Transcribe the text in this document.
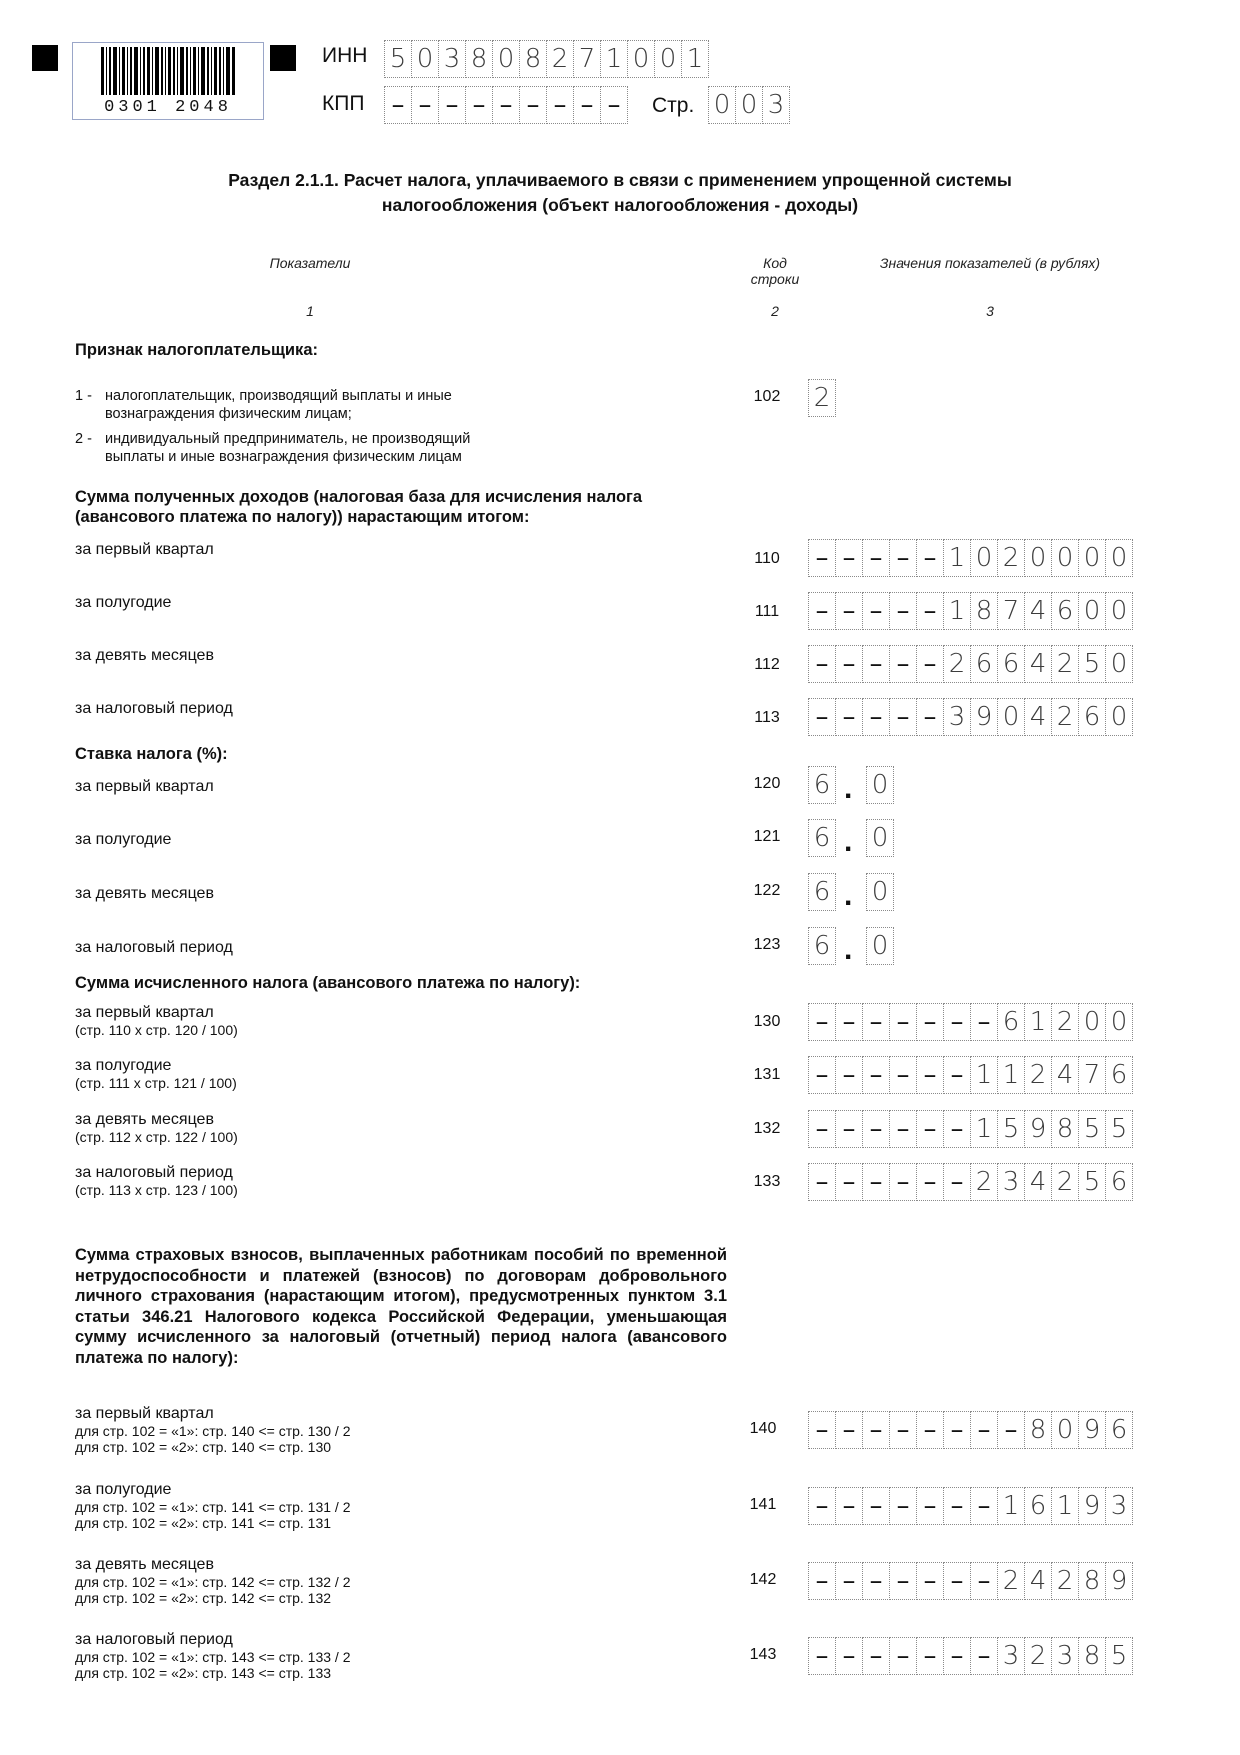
0301 2048
ИНН 5 0 3 8 0 8 2 7 1 0 0 1
КПП – – – – – – – – –	Стр. 0 0 3
Раздел 2.1.1. Расчет налога, уплачиваемого в связи с применением упрощенной системы
налогообложения (объект налогообложения - доходы)
Показатели	Код
строки
Значения показателей (в рублях)
1	2	3
Признак налогоплательщика:
1 - налогоплательщик, производящий выплаты и иные
вознаграждения физическим лицам;
2 - индивидуальный предприниматель, не производящий
выплаты и иные вознаграждения физическим лицам
102	2
Сумма полученных доходов (налоговая база для исчисления налога
(авансового платежа по налогу)) нарастающим итогом:
Ставка налога (%):
Сумма исчисленного налога (авансового платежа по налогу):
Сумма страховых взносов, выплаченных работникам пособий по временной нетрудоспособности и платежей (взносов) по договорам добровольного личного страхования (нарастающим итогом), предусмотренных пунктом 3.1 статьи 346.21 Налогового кодекса Российской Федерации, уменьшающая сумму исчисленного за налоговый (отчетный) период налога (авансового платежа по налогу):
за первый квартал
110	– – – – – 1 0 2 0 0 0 0
за полугодие
111	– – – – – 1 8 7 4 6 0 0
за девять месяцев
112	– – – – – 2 6 6 4 2 5 0
за налоговый период
113	– – – – – 3 9 0 4 2 6 0
за первый квартал	120	6 . 0
за полугодие	121	6 . 0
за девять месяцев	122	6 . 0
за налоговый период	123	6 . 0
за первый квартал
(стр. 110 х стр. 120 / 100)	130	– – – – – – – 6 1 2 0 0
за полугодие
(стр. 111 х стр. 121 / 100)	131	– – – – – – 1 1 2 4 7 6
за девять месяцев
(стр. 112 х стр. 122 / 100)	132	– – – – – – 1 5 9 8 5 5
за налоговый период
(стр. 113 х стр. 123 / 100)	133	– – – – – – 2 3 4 2 5 6
за первый квартал
для стр. 102 = «1»: стр. 140 <= стр. 130 / 2
для стр. 102 = «2»: стр. 140 <= стр. 130
140	– – – – – – – – 8 0 9 6
за полугодие
для стр. 102 = «1»: стр. 141 <= стр. 131 / 2
для стр. 102 = «2»: стр. 141 <= стр. 131
141	– – – – – – – 1 6 1 9 3
за девять месяцев
для стр. 102 = «1»: стр. 142 <= стр. 132 / 2
для стр. 102 = «2»: стр. 142 <= стр. 132
142	– – – – – – – 2 4 2 8 9
за налоговый период
для стр. 102 = «1»: стр. 143 <= стр. 133 / 2
для стр. 102 = «2»: стр. 143 <= стр. 133
143	– – – – – – – 3 2 3 8 5
